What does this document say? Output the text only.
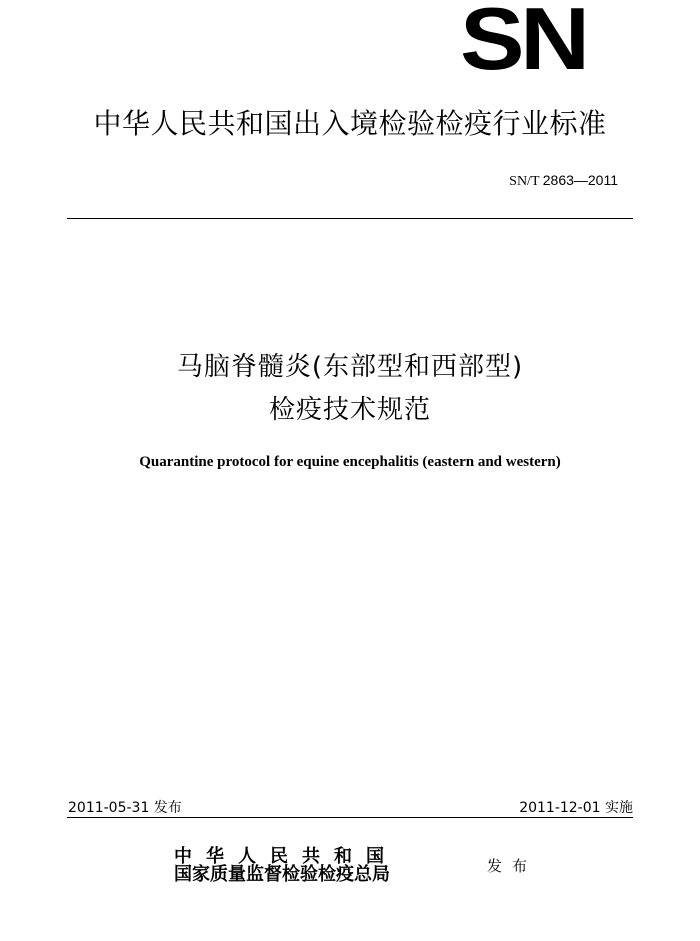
SN
中华人民共和国出入境检验检疫行业标准
SN/T 2863—2011
马脑脊髓炎(东部型和西部型)
检疫技术规范
Quarantine protocol for equine encephalitis (eastern and western)
2011-05-31 发布	2011-12-01 实施
中华人民共和国
国家质量监督检验检疫总局	发布
